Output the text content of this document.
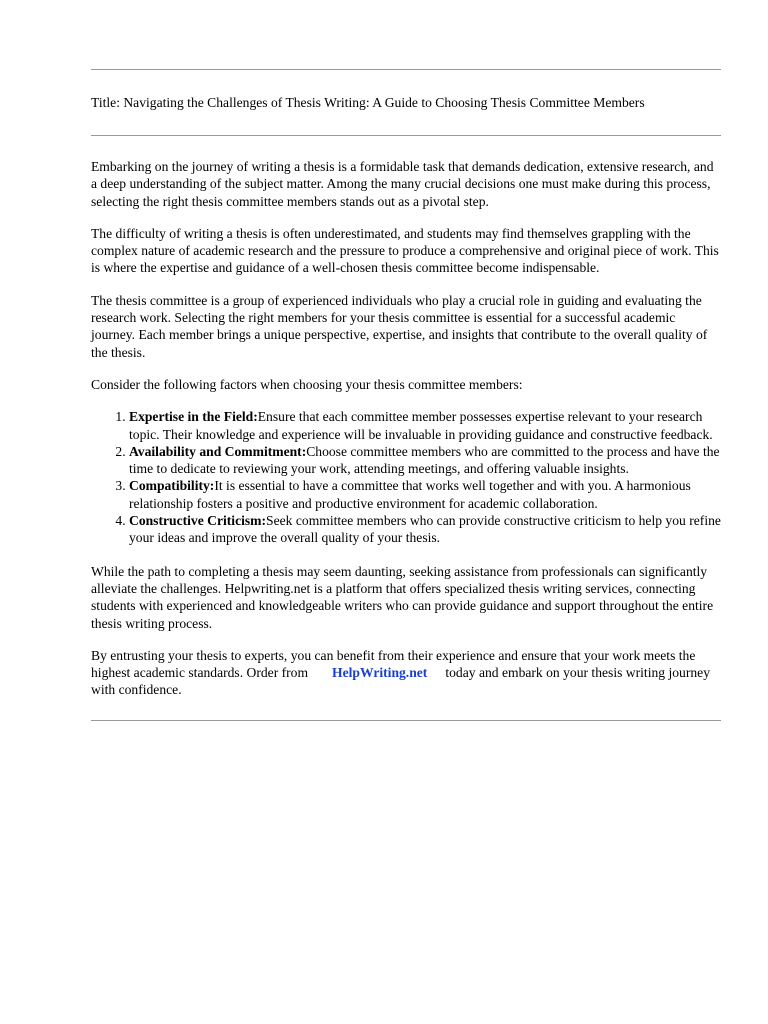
Title: Navigating the Challenges of Thesis Writing: A Guide to Choosing Thesis Committee Members

Embarking on the journey of writing a thesis is a formidable task that demands dedication, extensive research, and a deep understanding of the subject matter. Among the many crucial decisions one must make during this process, selecting the right thesis committee members stands out as a pivotal step.

The difficulty of writing a thesis is often underestimated, and students may find themselves grappling with the complex nature of academic research and the pressure to produce a comprehensive and original piece of work. This is where the expertise and guidance of a well-chosen thesis committee become indispensable.

The thesis committee is a group of experienced individuals who play a crucial role in guiding and evaluating the research work. Selecting the right members for your thesis committee is essential for a successful academic journey. Each member brings a unique perspective, expertise, and insights that contribute to the overall quality of the thesis.

Consider the following factors when choosing your thesis committee members:

1. Expertise in the Field:Ensure that each committee member possesses expertise relevant to your research topic. Their knowledge and experience will be invaluable in providing guidance and constructive feedback.
2. Availability and Commitment:Choose committee members who are committed to the process and have the time to dedicate to reviewing your work, attending meetings, and offering valuable insights.
3. Compatibility:It is essential to have a committee that works well together and with you. A harmonious relationship fosters a positive and productive environment for academic collaboration.
4. Constructive Criticism:Seek committee members who can provide constructive criticism to help you refine your ideas and improve the overall quality of your thesis.

While the path to completing a thesis may seem daunting, seeking assistance from professionals can significantly alleviate the challenges. Helpwriting.net is a platform that offers specialized thesis writing services, connecting students with experienced and knowledgeable writers who can provide guidance and support throughout the entire thesis writing process.

By entrusting your thesis to experts, you can benefit from their experience and ensure that your work meets the highest academic standards. Order from HelpWriting.net today and embark on your thesis writing journey with confidence.
